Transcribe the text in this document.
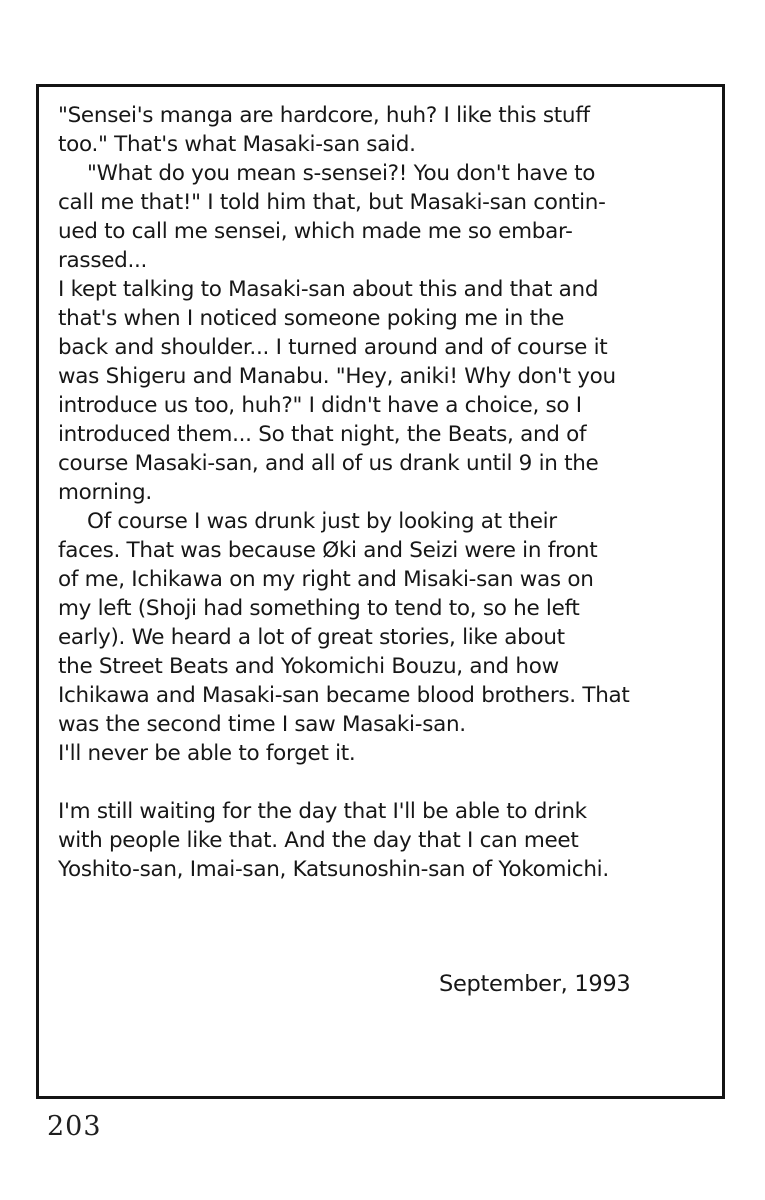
"Sensei's manga are hardcore, huh? I like this stuff
too." That's what Masaki-san said.
"What do you mean s-sensei?! You don't have to
call me that!" I told him that, but Masaki-san contin-
ued to call me sensei, which made me so embar-
rassed...
I kept talking to Masaki-san about this and that and
that's when I noticed someone poking me in the
back and shoulder... I turned around and of course it
was Shigeru and Manabu. "Hey, aniki! Why don't you
introduce us too, huh?" I didn't have a choice, so I
introduced them... So that night, the Beats, and of
course Masaki-san, and all of us drank until 9 in the
morning.
Of course I was drunk just by looking at their
faces. That was because Øki and Seizi were in front
of me, Ichikawa on my right and Misaki-san was on
my left (Shoji had something to tend to, so he left
early). We heard a lot of great stories, like about
the Street Beats and Yokomichi Bouzu, and how
Ichikawa and Masaki-san became blood brothers. That
was the second time I saw Masaki-san.
I'll never be able to forget it.
I'm still waiting for the day that I'll be able to drink
with people like that. And the day that I can meet
Yoshito-san, Imai-san, Katsunoshin-san of Yokomichi.
September, 1993
203
